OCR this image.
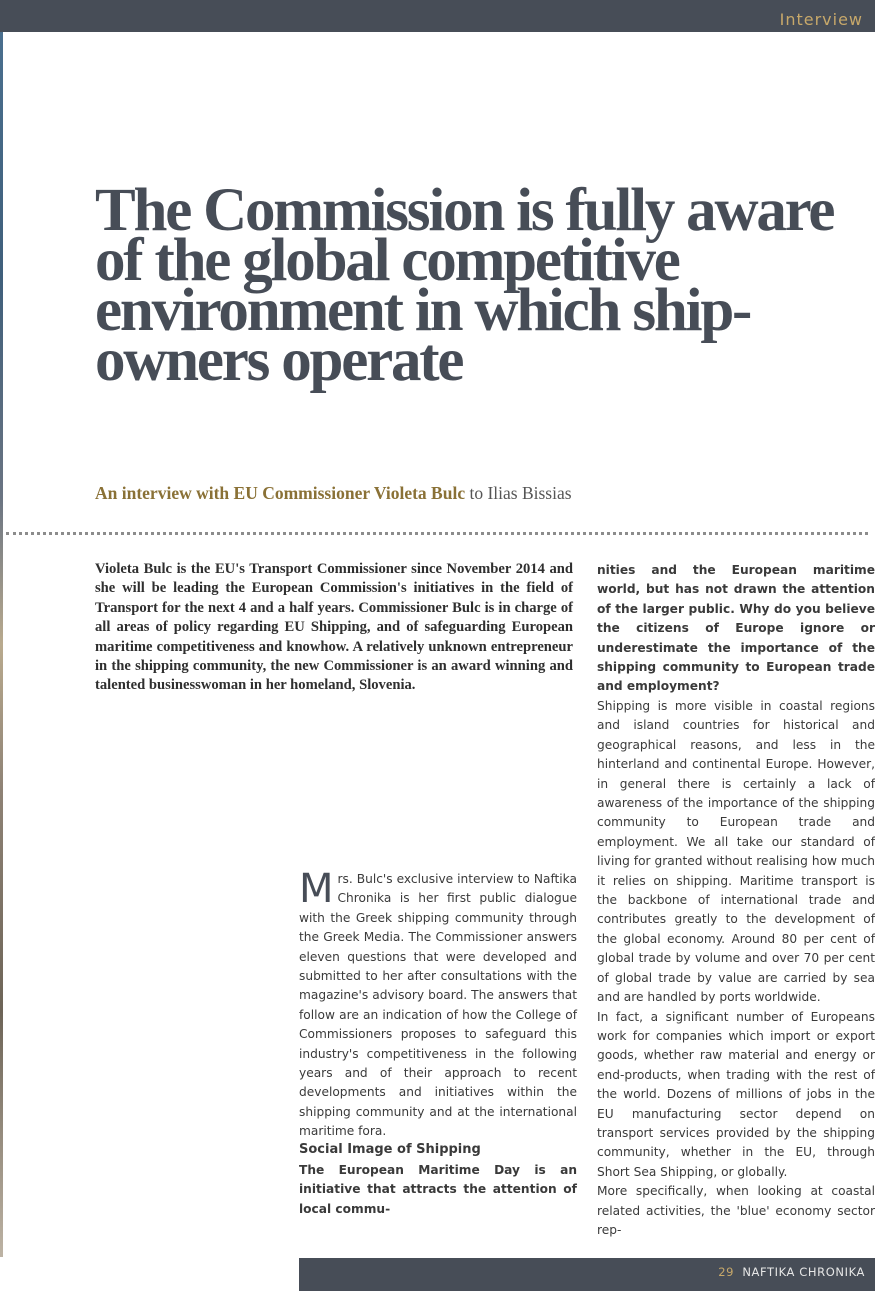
Interview
The Commission is fully aware of the global competitive environment in which ship-owners operate
An interview with EU Commissioner Violeta Bulc to Ilias Bissias
Violeta Bulc is the EU's Transport Commissioner since November 2014 and she will be leading the European Commission's initiatives in the field of Transport for the next 4 and a half years. Commissioner Bulc is in charge of all areas of policy regarding EU Shipping, and of safeguarding European maritime competitiveness and knowhow. A relatively unknown entrepreneur in the shipping community, the new Commissioner is an award winning and talented businesswoman in her homeland, Slovenia.
M rs. Bulc's exclusive interview to Naftika Chronika is her first public dialogue with the Greek shipping community through the Greek Media. The Commissioner answers eleven questions that were developed and submitted to her after consultations with the magazine's advisory board. The answers that follow are an indication of how the College of Commissioners proposes to safeguard this industry's competitiveness in the following years and of their approach to recent developments and initiatives within the shipping community and at the international maritime fora.
Social Image of Shipping
The European Maritime Day is an initiative that attracts the attention of local commu-
nities and the European maritime world, but has not drawn the attention of the larger public. Why do you believe the citizens of Europe ignore or underestimate the importance of the shipping community to European trade and employment?

Shipping is more visible in coastal regions and island countries for historical and geographical reasons, and less in the hinterland and continental Europe. However, in general there is certainly a lack of awareness of the importance of the shipping community to European trade and employment. We all take our standard of living for granted without realising how much it relies on shipping. Maritime transport is the backbone of international trade and contributes greatly to the development of the global economy. Around 80 per cent of global trade by volume and over 70 per cent of global trade by value are carried by sea and are handled by ports worldwide.

In fact, a significant number of Europeans work for companies which import or export goods, whether raw material and energy or end-products, when trading with the rest of the world. Dozens of millions of jobs in the EU manufacturing sector depend on transport services provided by the shipping community, whether in the EU, through Short Sea Shipping, or globally.

More specifically, when looking at coastal related activities, the 'blue' economy sector rep-

29 NAFTIKA CHRONIKA
